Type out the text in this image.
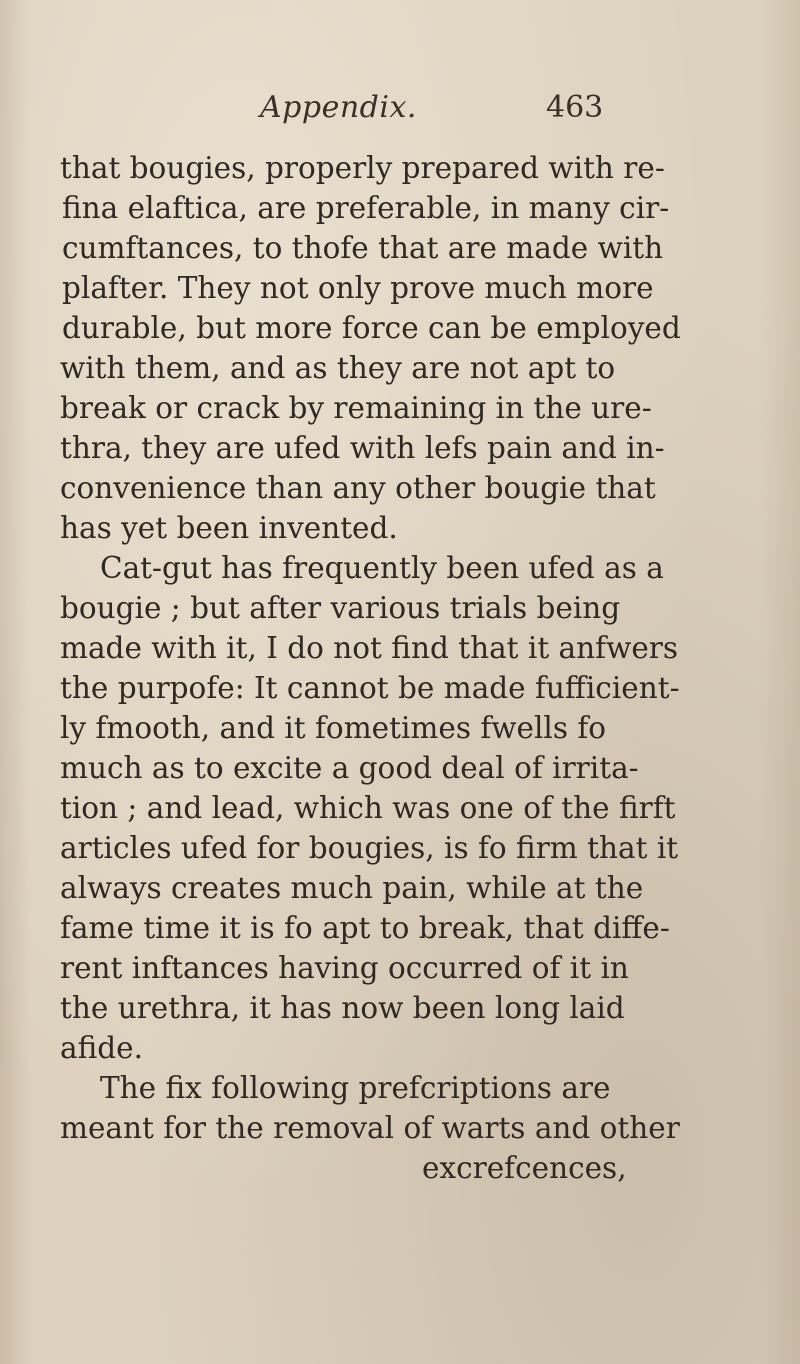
Appendix.	463
that bougies, properly prepared with re-
fina elaftica, are preferable, in many cir-
cumftances, to thofe that are made with
plafter. They not only prove much more
durable, but more force can be employed
with them, and as they are not apt to
break or crack by remaining in the ure-
thra, they are ufed with lefs pain and in-
convenience than any other bougie that
has yet been invented.
Cat-gut has frequently been ufed as a
bougie ; but after various trials being
made with it, I do not find that it anfwers
the purpofe: It cannot be made fufficient-
ly fmooth, and it fometimes fwells fo
much as to excite a good deal of irrita-
tion ; and lead, which was one of the firft
articles ufed for bougies, is fo firm that it
always creates much pain, while at the
fame time it is fo apt to break, that diffe-
rent inftances having occurred of it in
the urethra, it has now been long laid
afide.
The fix following prefcriptions are
meant for the removal of warts and other
excrefcences,
